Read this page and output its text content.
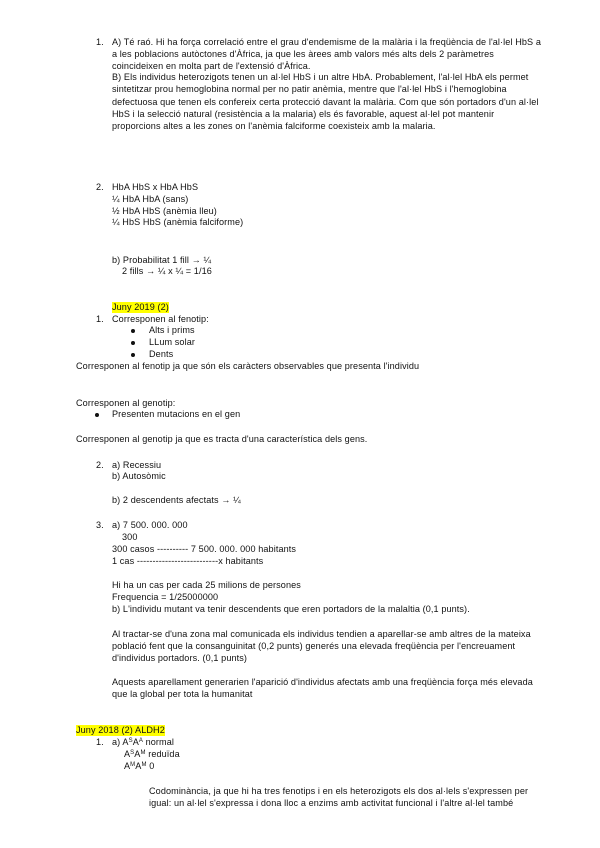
1. A) Té raó. Hi ha força correlació entre el grau d'endemisme de la malària i la freqüència de l'al·lel HbS a
a les poblacions autòctones d'Àfrica, ja que les àrees amb valors més alts dels 2 paràmetres
coincideixen en molta part de l'extensió d'Àfrica.
B) Els individus heterozigots tenen un al·lel HbS i un altre HbA. Probablement, l'al·lel HbA els permet
sintetitzar prou hemoglobina normal per no patir anèmia, mentre que l'al·lel HbS i l'hemoglobina
defectuosa que tenen els confereix certa protecció davant la malària. Com que són portadors d'un al·lel
HbS i la selecció natural (resistència a la malaria) els és favorable, aquest al·lel pot mantenir
proporcions altes a les zones on l'anèmia falciforme coexisteix amb la malaria.
2. HbA HbS x HbA HbS
¼ HbA HbA (sans)
½ HbA HbS (anèmia lleu)
¼ HbS HbS (anèmia falciforme)
b) Probabilitat 1 fill → ¼
2 fills → ¼ x ¼ = 1/16
Juny 2019 (2)
1. Corresponen al fenotip:
Alts i prims
LLum solar
Dents
Corresponen al fenotip ja que són els caràcters observables que presenta l'individu
Corresponen al genotip:
Presenten mutacions en el gen
Corresponen al genotip ja que es tracta d'una característica dels gens.
2. a) Recessiu
b) Autosòmic
b) 2 descendents afectats → ¼
3. a) 7 500. 000. 000
300
300 casos ---------- 7 500. 000. 000 habitants
1 cas --------------------------x habitants
Hi ha un cas per cada 25 milions de persones
Frequencia = 1/25000000
b) L'individu mutant va tenir descendents que eren portadors de la malaltia (0,1 punts).
Al tractar-se d'una zona mal comunicada els individus tendien a aparellar-se amb altres de la mateixa
població fent que la consanguinitat (0,2 punts) generés una elevada freqüència per l'encreuament
d'individus portadors. (0,1 punts)
Aquests aparellament generarien l'aparició d'individus afectats amb una freqüència força més elevada
que la global per tota la humanitat
Juny 2018 (2) ALDH2
1. a) $A^SA^A$ normal
$A^SA^M$ reduïda
$A^MA^M$ 0
Codominància, ja que hi ha tres fenotips i en els heterozigots els dos al·lels s'expressen per
igual: un al·lel s'expressa i dona lloc a enzims amb activitat funcional i l'altre al·lel també
